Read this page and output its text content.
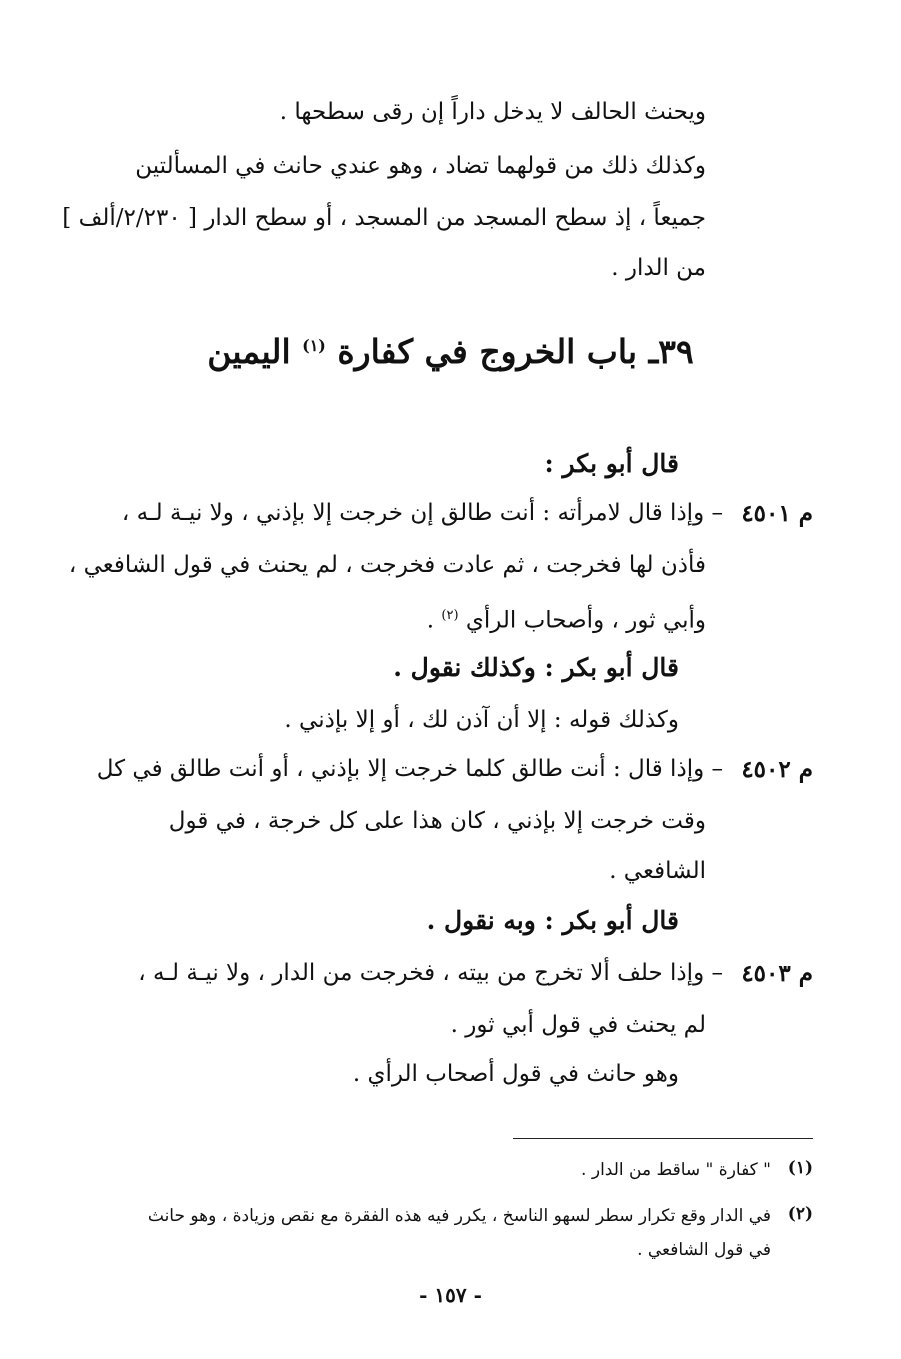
ويحنث الحالف لا يدخل داراً إن رقى سطحها .
وكذلك ذلك من قولهما تضاد ، وهو عندي حانث في المسألتين
جميعاً ، إذ سطح المسجد من المسجد ، أو سطح الدار [ ٢/٢٣٠/ألف ]
من الدار .
٣٩ـ باب الخروج في كفارة $^{(١)}$ اليمين
قال أبو بكر :
م ٤٥٠١
– وإذا قال لامرأته : أنت طالق إن خرجت إلا بإذني ، ولا نيـة لـه ،
فأذن لها فخرجت ، ثم عادت فخرجت ، لم يحنث في قول الشافعي ،
وأبي ثور ، وأصحاب الرأي $^{(٢)}$ .
قال أبو بكر : وكذلك نقول .
وكذلك قوله : إلا أن آذن لك ، أو إلا بإذني .
م ٤٥٠٢
– وإذا قال : أنت طالق كلما خرجت إلا بإذني ، أو أنت طالق في كل
وقت خرجت إلا بإذني ، كان هذا على كل خرجة ، في قول
الشافعي .
قال أبو بكر : وبه نقول .
م ٤٥٠٣
– وإذا حلف ألا تخرج من بيته ، فخرجت من الدار ، ولا نيـة لـه ،
لم يحنث في قول أبي ثور .
وهو حانث في قول أصحاب الرأي .
(١)
" كفارة " ساقط من الدار .
(٢)
في الدار وقع تكرار سطر لسهو الناسخ ، يكرر فيه هذه الفقرة مع نقص وزيادة ، وهو حانث
في قول الشافعي .
- ١٥٧ -
